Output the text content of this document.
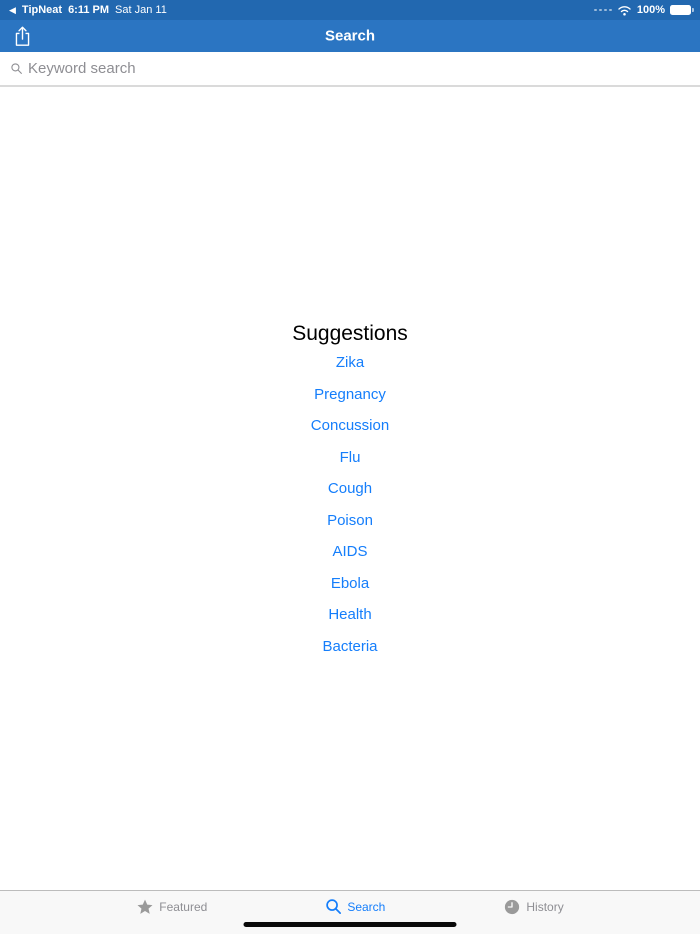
◀ TipNeat 6:11 PM Sat Jan 11	100%
Search
Keyword search
Suggestions
Zika
Pregnancy
Concussion
Flu
Cough
Poison
AIDS
Ebola
Health
Bacteria
Featured	Search	History
